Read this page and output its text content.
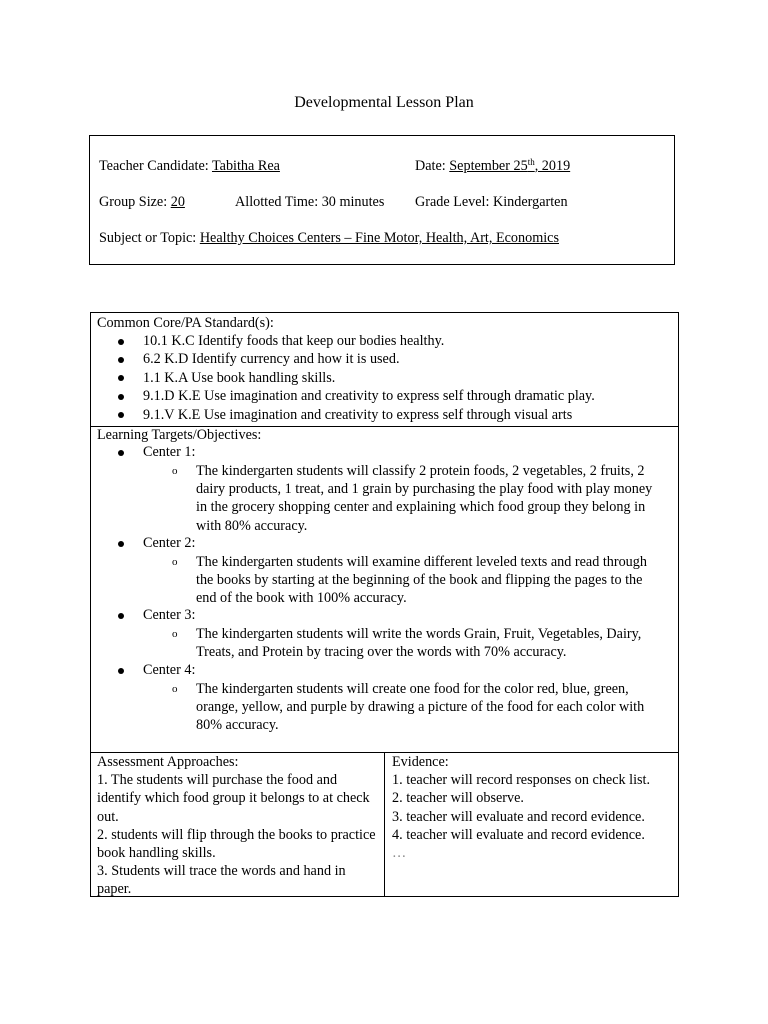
Developmental Lesson Plan
Teacher Candidate: Tabitha Rea	Date: September 25th, 2019
Group Size: 20	Allotted Time: 30 minutes Grade Level: Kindergarten
Subject or Topic: Healthy Choices Centers – Fine Motor, Health, Art, Economics
Common Core/PA Standard(s):
10.1 K.C Identify foods that keep our bodies healthy.
6.2 K.D Identify currency and how it is used.
1.1 K.A Use book handling skills.
9.1.D K.E Use imagination and creativity to express self through dramatic play.
9.1.V K.E Use imagination and creativity to express self through visual arts
Learning Targets/Objectives:
Center 1:
o The kindergarten students will classify 2 protein foods, 2 vegetables, 2 fruits, 2 dairy products, 1 treat, and 1 grain by purchasing the play food with play money in the grocery shopping center and explaining which food group they belong in with 80% accuracy.
Center 2:
o The kindergarten students will examine different leveled texts and read through the books by starting at the beginning of the book and flipping the pages to the end of the book with 100% accuracy.
Center 3:
o The kindergarten students will write the words Grain, Fruit, Vegetables, Dairy, Treats, and Protein by tracing over the words with 70% accuracy.
Center 4:
o The kindergarten students will create one food for the color red, blue, green, orange, yellow, and purple by drawing a picture of the food for each color with 80% accuracy.
Assessment Approaches:
1. The students will purchase the food and identify which food group it belongs to at check out.
2. students will flip through the books to practice book handling skills.
3. Students will trace the words and hand in paper.
Evidence:
1. teacher will record responses on check list.
2. teacher will observe.
3. teacher will evaluate and record evidence.
4. teacher will evaluate and record evidence.
…
